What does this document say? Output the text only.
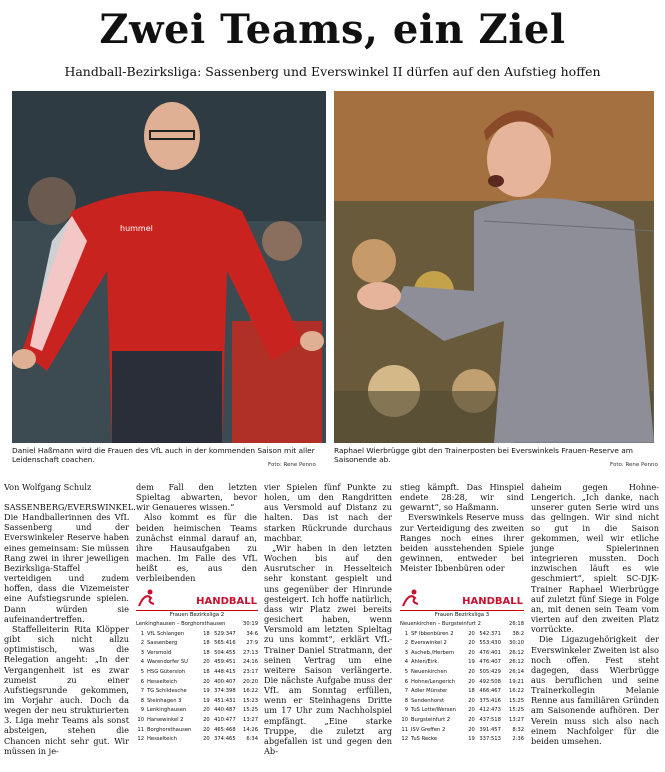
Zwei Teams, ein Ziel
Handball-Bezirksliga: Sassenberg und Everswinkel II dürfen auf den Aufstieg hoffen
hummel
Daniel Haßmann wird die Frauen des VfL auch in der kommenden Saison mit aller Leidenschaft coachen.
Foto: Rene Penno
Raphael Wierbrügge gibt den Trainerposten bei Everswinkels Frauen-Reserve am Saisonende ab.
Foto: Rene Penno
Von Wolfgang Schulz

SASSENBERG/EVERSWINKEL. Die Handballerinnen des VfL Sassenberg und der Everswinkeler Reserve haben eines gemeinsam: Sie müssen Rang zwei in ihrer jeweiligen Bezirksliga-Staffel verteidigen und zudem hoffen, dass die Vizemeister eine Aufstiegsrunde spielen. Dann würden sie aufeinandertreffen.

Staffelleiterin Rita Klöpper gibt sich nicht allzu optimistisch, was die Relegation angeht: „In der Vergangenheit ist es zwar zumeist zu einer Aufstiegsrunde gekommen, im Vorjahr auch. Doch da wegen der neu strukturierten 3. Liga mehr Teams als sonst absteigen, stehen die Chancen nicht sehr gut. Wir müssen in je-

dem Fall den letzten Spieltag abwarten, bevor wir Genaueres wissen.“

Also kommt es für die beiden heimischen Teams zunächst einmal darauf an, ihre Hausaufgaben zu machen. Im Falle des VfL heißt es, aus den verbleibenden

HANDBALL
Frauen Bezirksliga 2
Lenkinghausen – Borghorsthausen	30:19
1 VfL Schlangen	18 529:347 34:6
2 Sassenberg	18 565:416 27:9
3 Versmold	18 504:455 27:13
4 Warendorfer SU	20 459:451 24:16
5 HSG Gütersloh	18 448:415 23:17
6 Hesselteich	20 400:407 20:20
7 TG Schildesche	19 374:398 16:22
8 Steinhagen 3	19 451:431 15:23
9 Lenkinghausen	20 440:487 15:25
10 Harsewinkel 2	20 410:477 13:27
11 Borghorsthausen 20 465:468 14:26
12 Hesselteich	20 374:465 6:34

vier Spielen fünf Punkte zu holen, um den Rangdritten aus Versmold auf Distanz zu halten. Das ist nach der starken Rückrunde durchaus machbar.

„Wir haben in den letzten Wochen bis auf den Ausrutscher in Hesselteich sehr konstant gespielt und uns gegenüber der Hinrunde gesteigert. Ich hoffe natürlich, dass wir Platz zwei bereits gesichert haben, wenn Versmold am letzten Spieltag zu uns kommt“, erklärt VfL-Trainer Daniel Stratmann, der seinen Vertrag um eine weitere Saison verlängerte. Die nächste Aufgabe muss der VfL am Sonntag erfüllen, wenn er Steinhagens Dritte um 17 Uhr zum Nachholspiel empfängt. „Eine starke Truppe, die zuletzt arg abgefallen ist und gegen den Ab-

stieg kämpft. Das Hinspiel endete 28:28, wir sind gewarnt“, so Haßmann.

Everswinkels Reserve muss zur Verteidigung des zweiten Ranges noch eines ihrer beiden ausstehenden Spiele gewinnen, entweder bei Meister Ibbenbüren oder

HANDBALL
Frauen Bezirksliga 3
Neuenkirchen – Burgsteinfurt 2	26:18
1 SF Ibbenbüren 2	20 542:371 38:2
2 Everswinkel 2	20 553:430 30:10
3 Ascheb./Herbern	20 476:401 26:12
4 Ahlen/Eirk.	19 476:407 26:12
5 Neuenkirchen	20 505:429 26:14
6 Hohne/Lengerich	20 492:508 19:21
7 Adler Münster	18 466:467 16:22
8 Sendenhorst	20 375:416 15:25
9 TuS Lotte/Wersen 20 412:473 15:25
10 Burgsteinfurt 2	20 437:518 13:27
11 ISV Greffen 2	20 391:457 8:32
12 TuS Recke	19 337:513 2:36

daheim gegen Hohne-Lengerich. „Ich danke, nach unserer guten Serie wird uns das gelingen. Wir sind nicht so gut in die Saison gekommen, weil wir etliche junge Spielerinnen integrieren mussten. Doch inzwischen läuft es wie geschmiert“, spielt SC-DJK-Trainer Raphael Wierbrügge auf zuletzt fünf Siege in Folge an, mit denen sein Team vom vierten auf den zweiten Platz vorrückte.

Die Ligazugehörigkeit der Everswinkeler Zweiten ist also noch offen. Fest steht dagegen, dass Wierbrügge aus beruflichen und seine Trainerkollegin Melanie Renne aus familiären Gründen am Saisonende aufhören. Der Verein muss sich also nach einem Nachfolger für die beiden umsehen.
